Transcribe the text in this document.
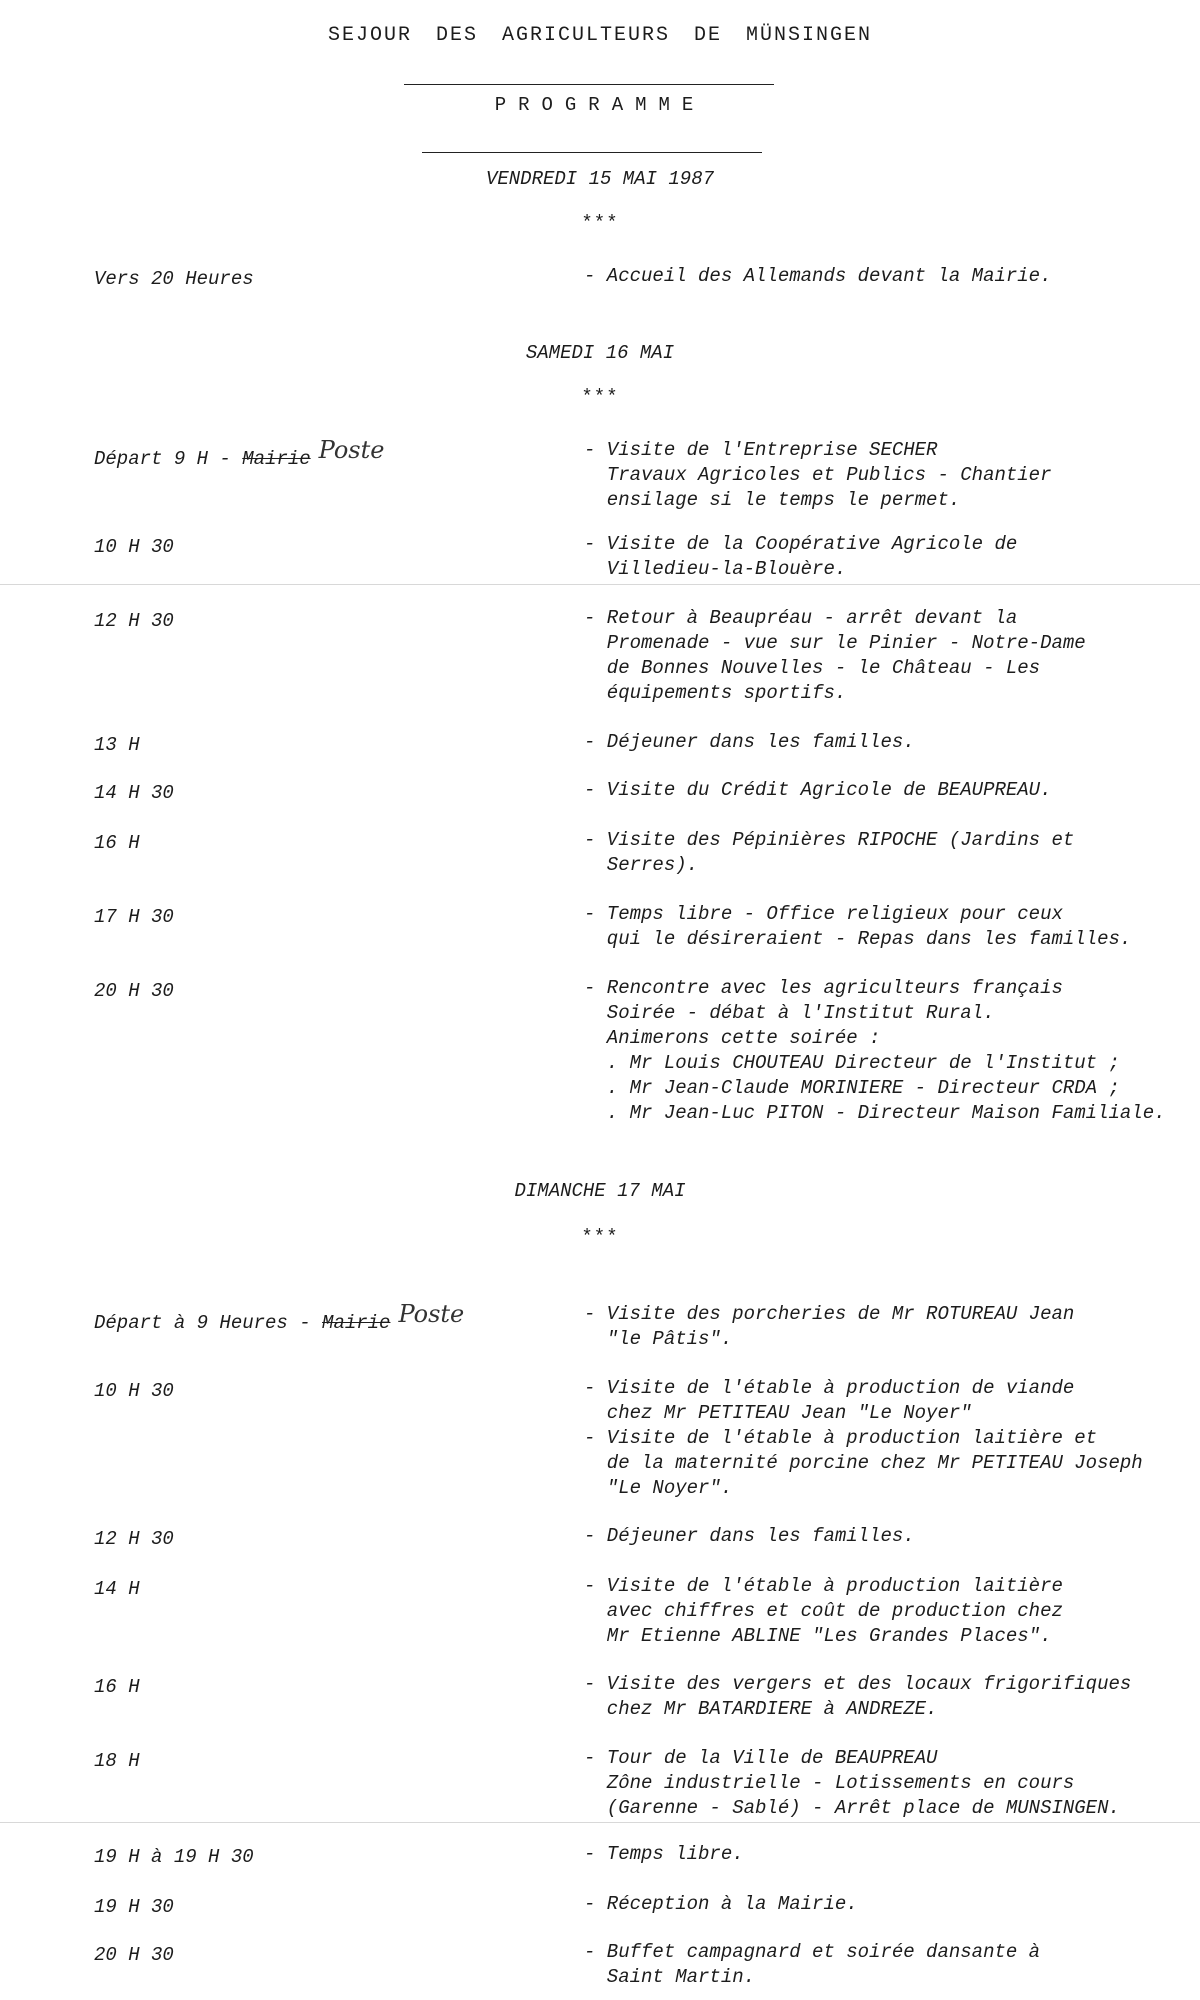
SEJOUR DES AGRICULTEURS DE MÜNSINGEN
PROGRAMME
VENDREDI 15 MAI 1987
***
Vers 20 Heures	- Accueil des Allemands devant la Mairie.
SAMEDI 16 MAI
***
Départ 9 H - Mairie Poste	- Visite de l'Entreprise SECHER
Travaux Agricoles et Publics - Chantier
ensilage si le temps le permet.
10 H 30	- Visite de la Coopérative Agricole de
Villedieu-la-Blouère.
12 H 30	- Retour à Beaupréau - arrêt devant la
Promenade - vue sur le Pinier - Notre-Dame
de Bonnes Nouvelles - le Château - Les
équipements sportifs.
13 H	- Déjeuner dans les familles.
14 H 30	- Visite du Crédit Agricole de BEAUPREAU.
16 H	- Visite des Pépinières RIPOCHE (Jardins et
Serres).
17 H 30	- Temps libre - Office religieux pour ceux
qui le désireraient - Repas dans les familles.
20 H 30	- Rencontre avec les agriculteurs français
Soirée - débat à l'Institut Rural.
Animerons cette soirée :
. Mr Louis CHOUTEAU Directeur de l'Institut ;
. Mr Jean-Claude MORINIERE - Directeur CRDA ;
. Mr Jean-Luc PITON - Directeur Maison Familiale.
DIMANCHE 17 MAI
***
Départ à 9 Heures - Mairie Poste	- Visite des porcheries de Mr ROTUREAU Jean
"le Pâtis".
10 H 30	- Visite de l'étable à production de viande
chez Mr PETITEAU Jean "Le Noyer"
- Visite de l'étable à production laitière et
de la maternité porcine chez Mr PETITEAU Joseph
"Le Noyer".
12 H 30	- Déjeuner dans les familles.
14 H	- Visite de l'étable à production laitière
avec chiffres et coût de production chez
Mr Etienne ABLINE "Les Grandes Places".
16 H	- Visite des vergers et des locaux frigorifiques
chez Mr BATARDIERE à ANDREZE.
18 H	- Tour de la Ville de BEAUPREAU
Zône industrielle - Lotissements en cours
(Garenne - Sablé) - Arrêt place de MUNSINGEN.
19 H à 19 H 30	- Temps libre.
19 H 30	- Réception à la Mairie.
20 H 30	- Buffet campagnard et soirée dansante à
Saint Martin.
